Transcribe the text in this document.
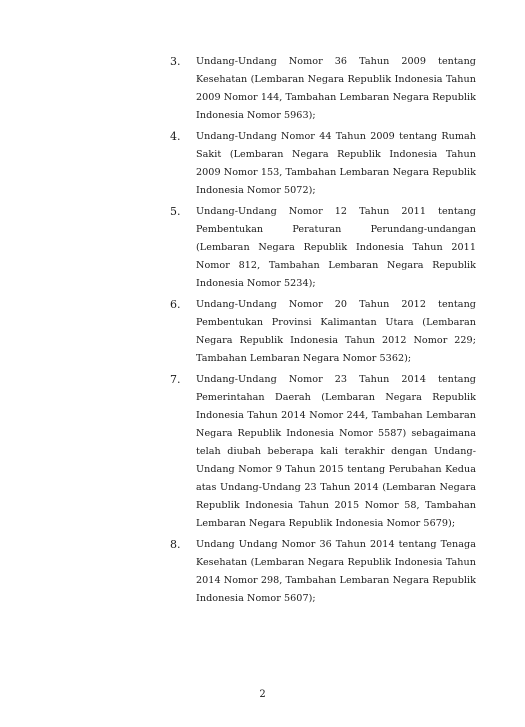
3. Undang-Undang Nomor 36 Tahun 2009 tentang Kesehatan (Lembaran Negara Republik Indonesia Tahun 2009 Nomor 144, Tambahan Lembaran Negara Republik Indonesia Nomor 5963);
4. Undang-Undang Nomor 44 Tahun 2009 tentang Rumah Sakit (Lembaran Negara Republik Indonesia Tahun 2009 Nomor 153, Tambahan Lembaran Negara Republik Indonesia Nomor 5072);
5. Undang-Undang Nomor 12 Tahun 2011 tentang Pembentukan Peraturan Perundang-undangan (Lembaran Negara Republik Indonesia Tahun 2011 Nomor 812, Tambahan Lembaran Negara Republik Indonesia Nomor 5234);
6. Undang-Undang Nomor 20 Tahun 2012 tentang Pembentukan Provinsi Kalimantan Utara (Lembaran Negara Republik Indonesia Tahun 2012 Nomor 229; Tambahan Lembaran Negara Nomor 5362);
7. Undang-Undang Nomor 23 Tahun 2014 tentang Pemerintahan Daerah (Lembaran Negara Republik Indonesia Tahun 2014 Nomor 244, Tambahan Lembaran Negara Republik Indonesia Nomor 5587) sebagaimana telah diubah beberapa kali terakhir dengan Undang-Undang Nomor 9 Tahun 2015 tentang Perubahan Kedua atas Undang-Undang 23 Tahun 2014 (Lembaran Negara Republik Indonesia Tahun 2015 Nomor 58, Tambahan Lembaran Negara Republik Indonesia Nomor 5679);
8. Undang Undang Nomor 36 Tahun 2014 tentang Tenaga Kesehatan (Lembaran Negara Republik Indonesia Tahun 2014 Nomor 298, Tambahan Lembaran Negara Republik Indonesia Nomor 5607);
2
